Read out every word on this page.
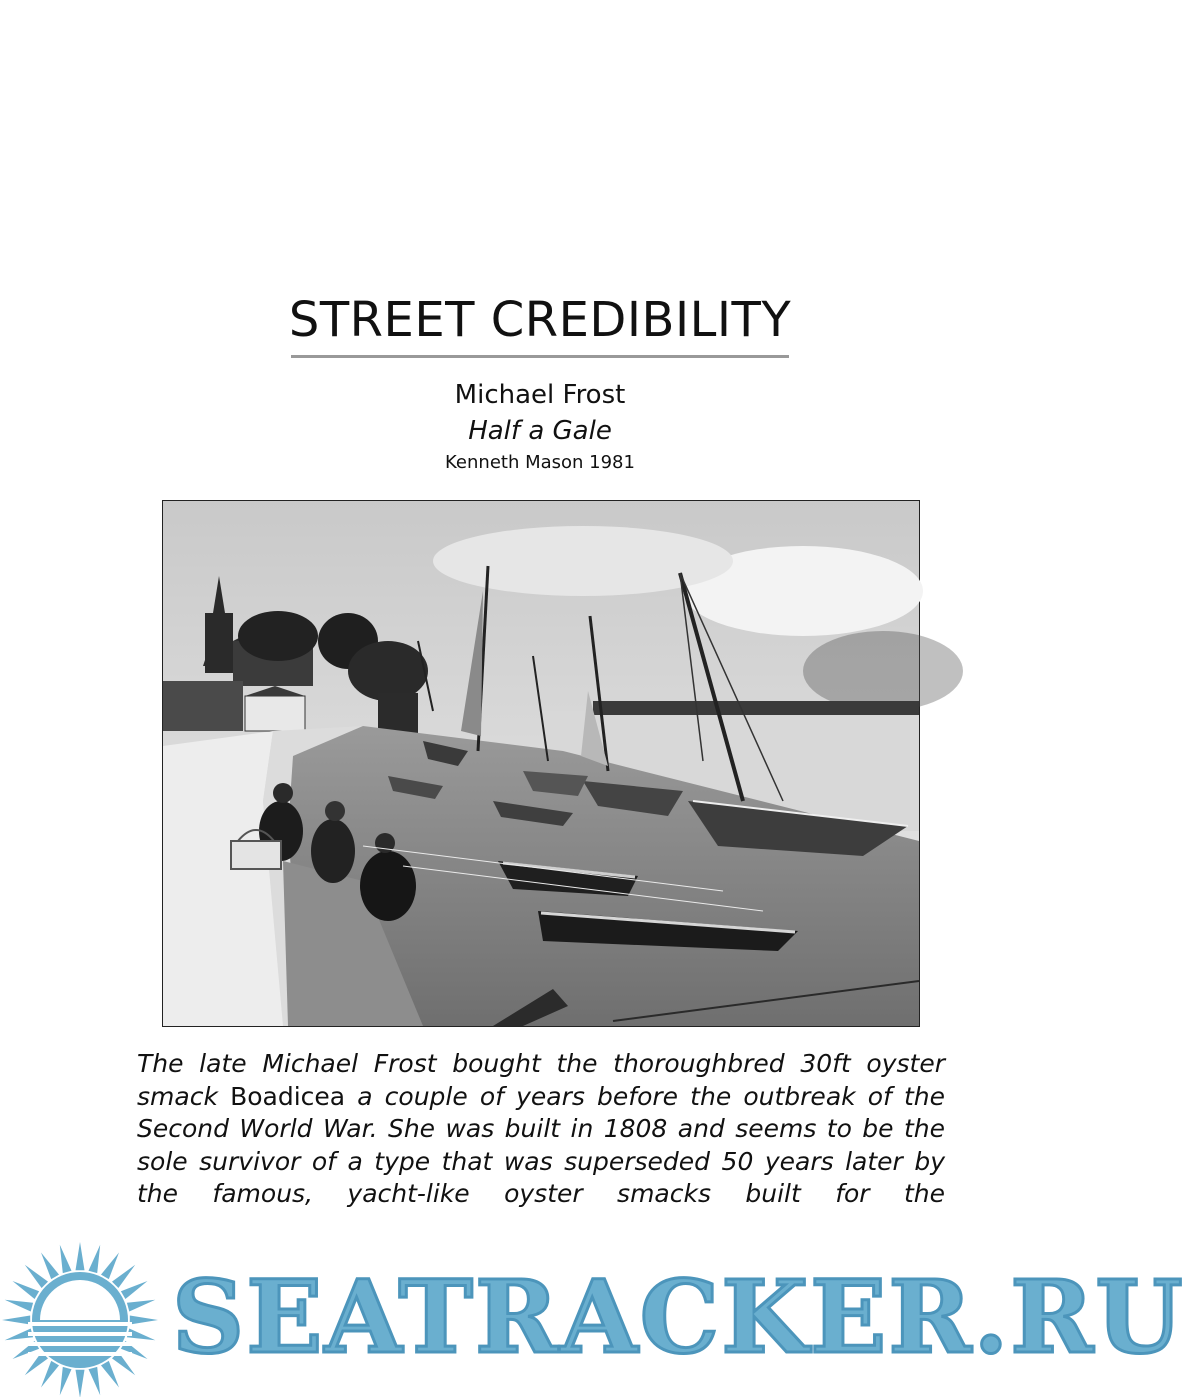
STREET CREDIBILITY
Michael Frost
Half a Gale
Kenneth Mason 1981
The late Michael Frost bought the thoroughbred 30ft oyster smack Boadicea a couple of years before the outbreak of the Second World War. She was built in 1808 and seems to be the sole survivor of a type that was superseded 50 years later by the famous, yacht-like oyster smacks built for the
SEATRACKER.RU
